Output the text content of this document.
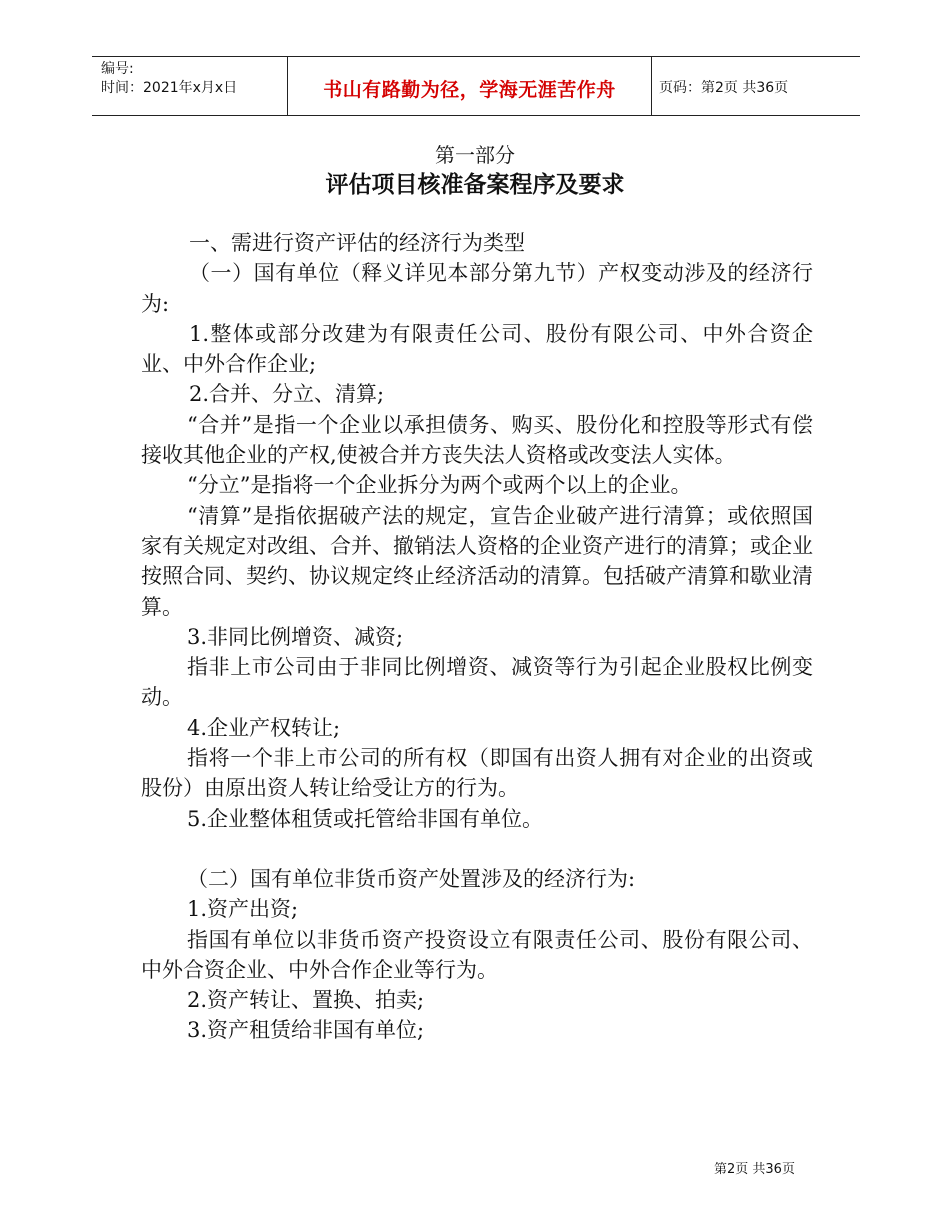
编号:
时间：2021年x月x日	书山有路勤为径，学海无涯苦作舟	页码：第2页 共36页
第一部分
评估项目核准备案程序及要求

一、需进行资产评估的经济行为类型

（一）国有单位（释义详见本部分第九节）产权变动涉及的经济行为:

1.整体或部分改建为有限责任公司、股份有限公司、中外合资企业、中外合作企业;

2.合并、分立、清算;

“合并”是指一个企业以承担债务、购买、股份化和控股等形式有偿接收其他企业的产权,使被合并方丧失法人资格或改变法人实体。

“分立”是指将一个企业拆分为两个或两个以上的企业。

“清算”是指依据破产法的规定，宣告企业破产进行清算；或依照国家有关规定对改组、合并、撤销法人资格的企业资产进行的清算；或企业按照合同、契约、协议规定终止经济活动的清算。包括破产清算和歇业清算。

3.非同比例增资、减资;

指非上市公司由于非同比例增资、减资等行为引起企业股权比例变动。

4.企业产权转让;

指将一个非上市公司的所有权（即国有出资人拥有对企业的出资或股份）由原出资人转让给受让方的行为。

5.企业整体租赁或托管给非国有单位。

（二）国有单位非货币资产处置涉及的经济行为:

1.资产出资;

指国有单位以非货币资产投资设立有限责任公司、股份有限公司、中外合资企业、中外合作企业等行为。

2.资产转让、置换、拍卖;

3.资产租赁给非国有单位;

第2页 共36页
